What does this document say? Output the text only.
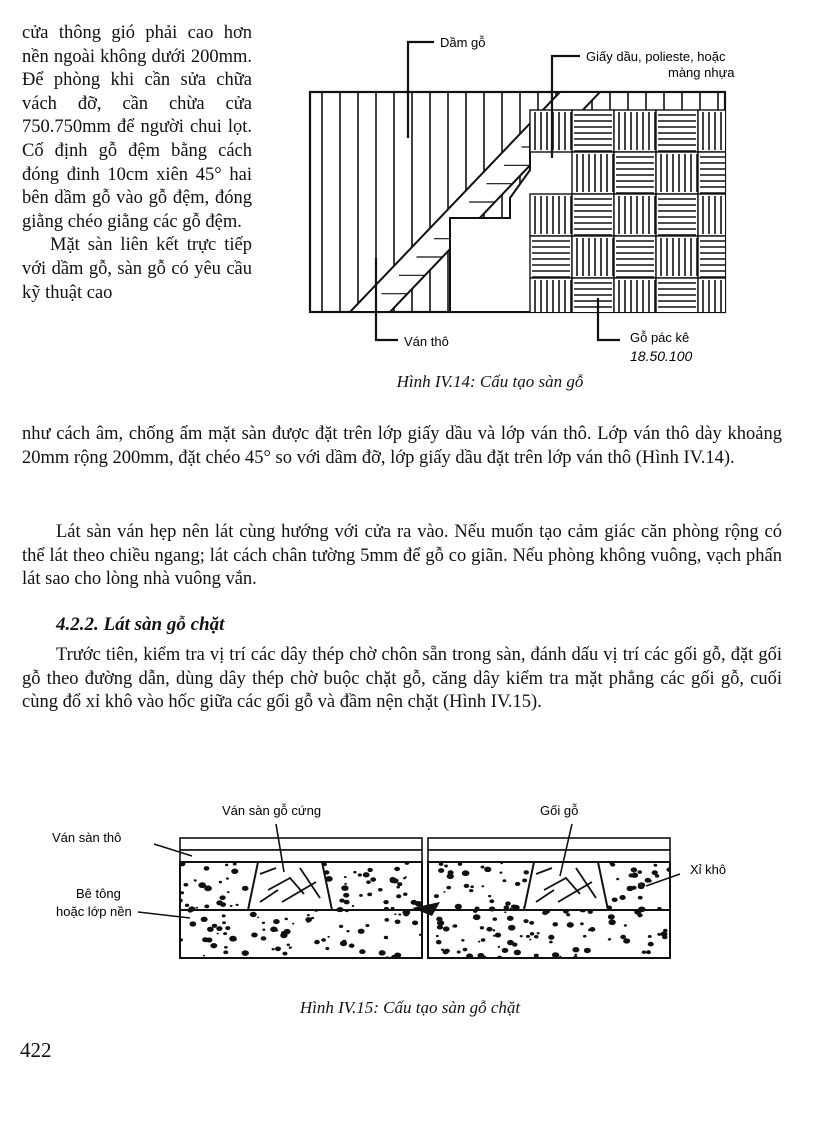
cửa thông gió phải cao hơn nền ngoài không dưới 200mm. Để phòng khi cần sửa chữa vách đỡ, cần chừa cửa 750.750mm để người chui lọt. Cố định gỗ đệm bằng cách đóng đinh 10cm xiên 45° hai bên dầm gỗ vào gỗ đệm, đóng giằng chéo giằng các gỗ đệm.

Mặt sàn liên kết trực tiếp với dầm gỗ, sàn gỗ có yêu cầu kỹ thuật cao

Dầm gỗ
Giấy dầu, polieste, hoặc
màng nhựa
Ván thô	Gỗ pác kê
18.50.100

Hình IV.14: Cấu tạo sàn gỗ

như cách âm, chống ẩm mặt sàn được đặt trên lớp giấy dầu và lớp ván thô. Lớp ván thô dày khoảng 20mm rộng 200mm, đặt chéo 45° so với dầm đỡ, lớp giấy dầu đặt trên lớp ván thô (Hình IV.14).

Lát sàn ván hẹp nên lát cùng hướng với cửa ra vào. Nếu muốn tạo cảm giác căn phòng rộng có thể lát theo chiều ngang; lát cách chân tường 5mm để gỗ co giãn. Nếu phòng không vuông, vạch phấn lát sao cho lòng nhà vuông vắn.

4.2.2. Lát sàn gỗ chặt

Trước tiên, kiểm tra vị trí các dây thép chờ chôn sẵn trong sàn, đánh dấu vị trí các gối gỗ, đặt gối gỗ theo đường dẫn, dùng dây thép chờ buộc chặt gỗ, căng dây kiểm tra mặt phẳng các gối gỗ, cuối cùng đổ xỉ khô vào hốc giữa các gối gỗ và đầm nện chặt (Hình IV.15).

Ván sàn gỗ cứng	Gối gỗ
Ván sàn thô
Xỉ khô
Bê tông
hoặc lớp nền

Hình IV.15: Cấu tạo sàn gỗ chặt

422
